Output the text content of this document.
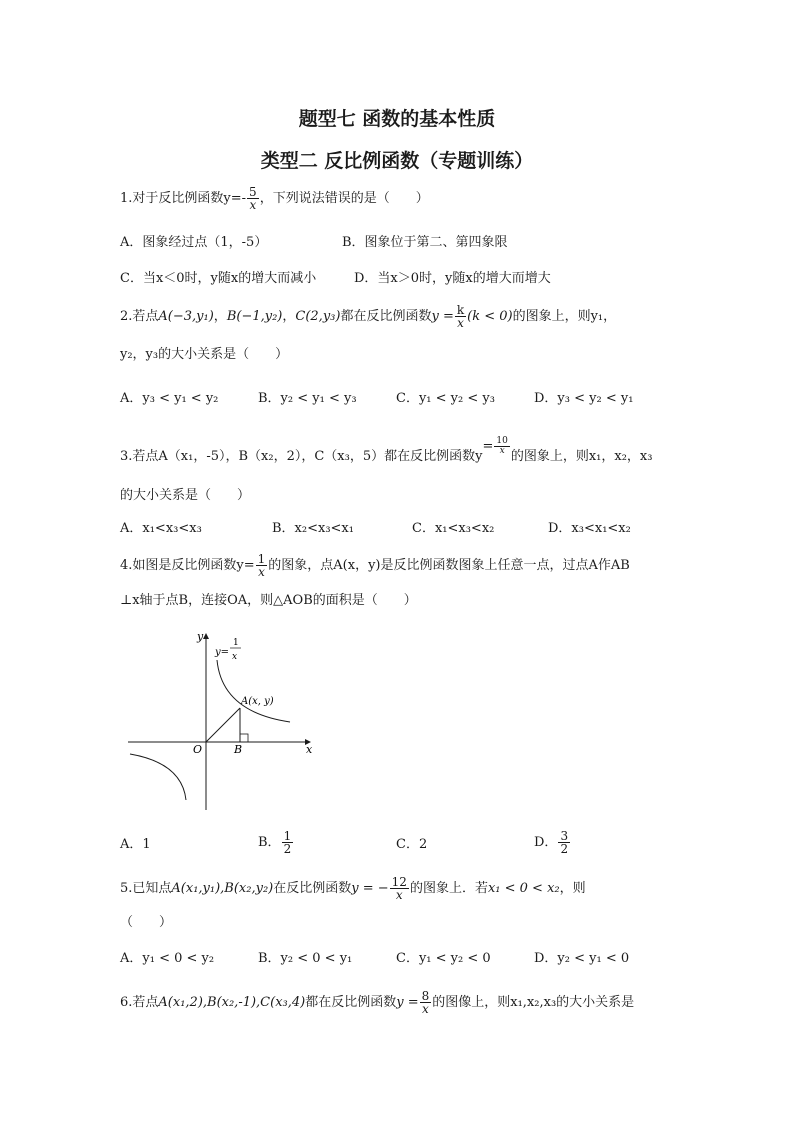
题型七 函数的基本性质
类型二 反比例函数（专题训练）
1.对于反比例函数$y=- \frac{5}{x}$ ，下列说法错误的是（　　）
A．图象经过点（1，-5）	B．图象位于第二、第四象限
C．当x＜0时，y随x的增大而减小	D．当x＞0时，y随x的增大而增大
2.若点A(−3,y₁)，B(−1,y₂)，C(2,y₃)都在反比例函数$y = \frac{k}{x} (k < 0)$的图象上，则y₁，
y₂，y₃的大小关系是（　　）
A．y₃ < y₁ < y₂	B．y₂ < y₁ < y₃	C．y₁ < y₂ < y₃	D．y₃ < y₂ < y₁
3.若点A（x₁，-5），B（x₂，2），C（x₃，5）都在反比例函数$y= \frac{10}{x}$
的图象上，则x₁，x₂，x₃
的大小关系是（　　）
A．x₁<x₃<x₃	B．x₂<x₃<x₁	C．x₁<x₃<x₂	D．x₃<x₁<x₂
4.如图是反比例函数$y= \frac{1}{x}$ 的图象，点A(x，y)是反比例函数图象上任意一点，过点A作AB
⊥x轴于点B，连接OA，则△AOB的面积是（　　）
y
x
O	B
A(x, y)
y=
1
x
A．1	B． $\frac{1}{2}$	C．2	D． $\frac{3}{2}$
5.已知点A(x₁,y₁),B(x₂,y₂)在反比例函数y = − $\frac{12}{x}$ 的图象上．若x₁ < 0 < x₂，则
（　　）
A．y₁ < 0 < y₂	B．y₂ < 0 < y₁	C．y₁ < y₂ < 0	D．y₂ < y₁ < 0
6.若点A(x₁,2),B(x₂,-1),C(x₃,4)都在反比例函数$y = \frac{8}{x}$ 的图像上，则x₁,x₂,x₃的大小关系是
